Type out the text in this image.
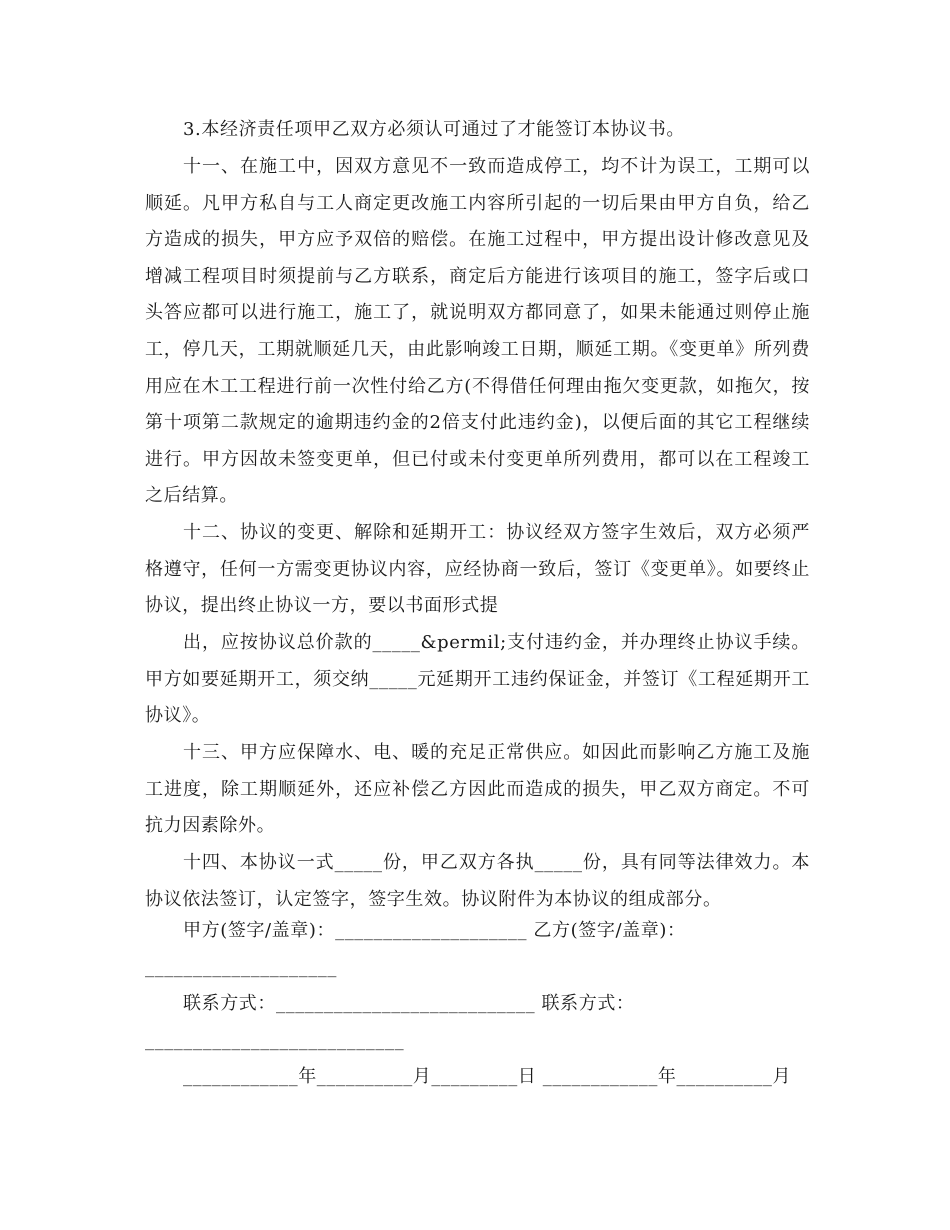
3.本经济责任项甲乙双方必须认可通过了才能签订本协议书。

十一、在施工中，因双方意见不一致而造成停工，均不计为误工，工期可以顺延。凡甲方私自与工人商定更改施工内容所引起的一切后果由甲方自负，给乙方造成的损失，甲方应予双倍的赔偿。在施工过程中，甲方提出设计修改意见及增减工程项目时须提前与乙方联系，商定后方能进行该项目的施工，签字后或口头答应都可以进行施工，施工了，就说明双方都同意了，如果未能通过则停止施工，停几天，工期就顺延几天，由此影响竣工日期，顺延工期。《变更单》所列费用应在木工工程进行前一次性付给乙方(不得借任何理由拖欠变更款，如拖欠，按第十项第二款规定的逾期违约金的2倍支付此违约金)，以便后面的其它工程继续进行。甲方因故未签变更单，但已付或未付变更单所列费用，都可以在工程竣工之后结算。

十二、协议的变更、解除和延期开工：协议经双方签字生效后，双方必须严格遵守，任何一方需变更协议内容，应经协商一致后，签订《变更单》。如要终止协议，提出终止协议一方，要以书面形式提

出，应按协议总价款的_____&permil;支付违约金，并办理终止协议手续。甲方如要延期开工，须交纳_____元延期开工违约保证金，并签订《工程延期开工协议》。

十三、甲方应保障水、电、暖的充足正常供应。如因此而影响乙方施工及施工进度，除工期顺延外，还应补偿乙方因此而造成的损失，甲乙双方商定。不可抗力因素除外。

十四、本协议一式_____份，甲乙双方各执_____份，具有同等法律效力。本协议依法签订，认定签字，签字生效。协议附件为本协议的组成部分。

甲方(签字/盖章)：____________________ 乙方(签字/盖章)：
____________________
联系方式：___________________________ 联系方式：
___________________________
____________年__________月_________日 ____________年__________月
